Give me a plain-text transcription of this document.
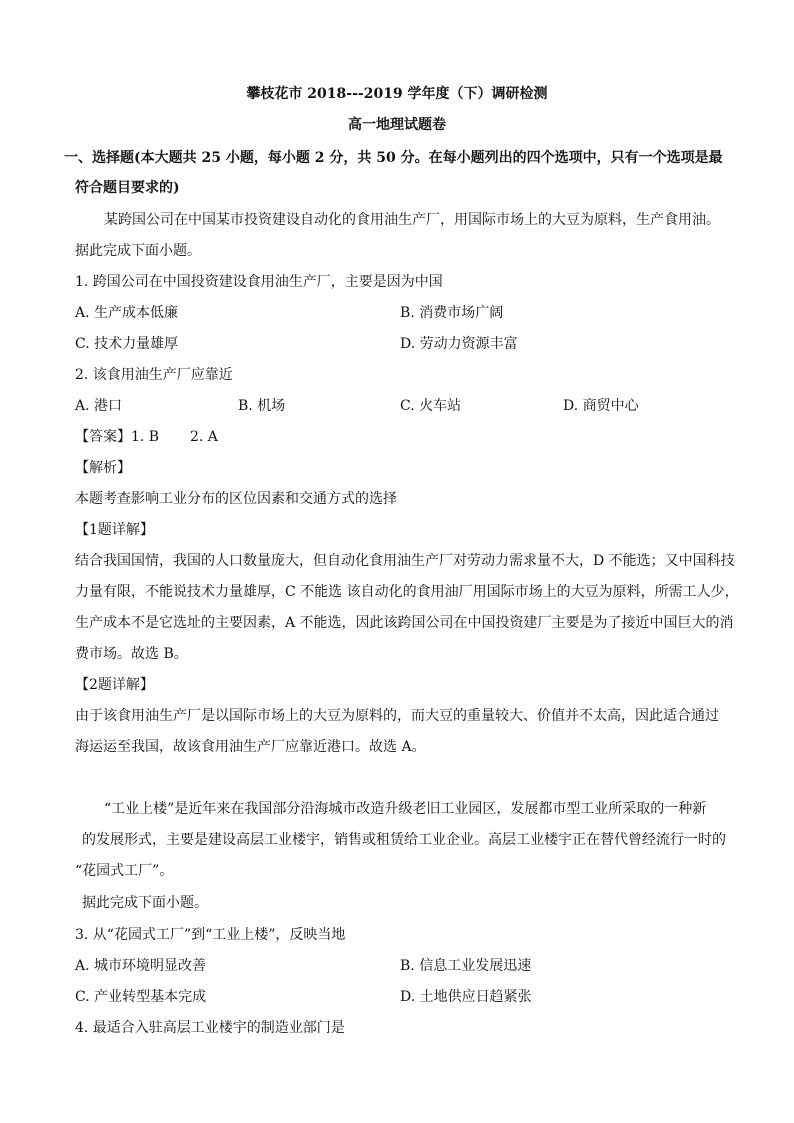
攀枝花市 2018---2019 学年度（下）调研检测
高一地理试题卷
一、选择题(本大题共 25 小题，每小题 2 分，共 50 分。在每小题列出的四个选项中，只有一个选项是最
符合题目要求的)
某跨国公司在中国某市投资建设自动化的食用油生产厂，用国际市场上的大豆为原料，生产食用油。
据此完成下面小题。
1. 跨国公司在中国投资建设食用油生产厂，主要是因为中国
A. 生产成本低廉	B. 消费市场广阔
C. 技术力量雄厚	D. 劳动力资源丰富
2. 该食用油生产厂应靠近
A. 港口	B. 机场	C. 火车站	D. 商贸中心
【答案】1. B 2. A
【解析】
本题考查影响工业分布的区位因素和交通方式的选择
【1题详解】
结合我国国情，我国的人口数量庞大，但自动化食用油生产厂对劳动力需求量不大，D 不能选；又中国科技
力量有限，不能说技术力量雄厚，C 不能选 该自动化的食用油厂用国际市场上的大豆为原料，所需工人少，
生产成本不是它选址的主要因素，A 不能选，因此该跨国公司在中国投资建厂主要是为了接近中国巨大的消
费市场。故选 B。
【2题详解】
由于该食用油生产厂是以国际市场上的大豆为原料的，而大豆的重量较大、价值并不太高，因此适合通过
海运运至我国，故该食用油生产厂应靠近港口。故选 A。
“工业上楼”是近年来在我国部分沿海城市改造升级老旧工业园区，发展都市型工业所采取的一种新
的发展形式，主要是建设高层工业楼宇，销售或租赁给工业企业。高层工业楼宇正在替代曾经流行一时的
“花园式工厂”。
据此完成下面小题。
3. 从“花园式工厂”到“工业上楼”，反映当地
A. 城市环境明显改善	B. 信息工业发展迅速
C. 产业转型基本完成	D. 土地供应日趋紧张
4. 最适合入驻高层工业楼宇的制造业部门是
